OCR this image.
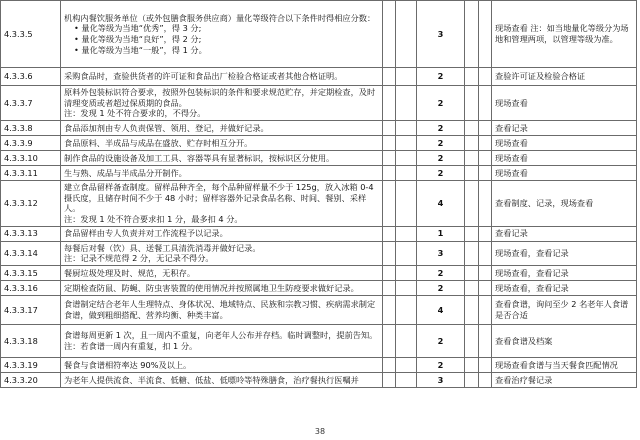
4.3.3.5	机构内餐饮服务单位（或外包膳食服务供应商）量化等级符合以下条件时得相应分数：

• 量化等级为当地“优秀”，得 3 分;

• 量化等级为当地“良好”，得 2 分;

• 量化等级为当地“一般”，得 1 分。			3			现场查看 注：如当地量化等级分为场地和管理两项，以管理等级为准。
4.3.3.6	采购食品时，查验供货者的许可证和食品出厂检验合格证或者其他合格证明。			2			查验许可证及检验合格证
4.3.3.7	原料外包装标识符合要求，按照外包装标识的条件和要求规范贮存，并定期检查，及时清理变质或者超过保质期的食品。

注：发现 1 处不符合要求的，不得分。			2			现场查看
4.3.3.8	食品添加剂由专人负责保管、领用、登记，并做好记录。			2			查看记录
4.3.3.9	食品原料、半成品与成品在盛放、贮存时相互分开。			2			现场查看
4.3.3.10	制作食品的设施设备及加工工具、容器等具有显著标识，按标识区分使用。			2			现场查看
4.3.3.11	生与熟、成品与半成品分开制作。			2			现场查看
4.3.3.12	建立食品留样备查制度。留样品种齐全，每个品种留样量不少于 125g，放入冰箱 0-4 摄氏度，且储存时间不少于 48 小时；留样容器外记录食品名称、时间、餐别、采样人。

注：发现 1 处不符合要求扣 1 分，最多扣 4 分。			4			查看制度、记录，现场查看
4.3.3.13	食品留样由专人负责并对工作流程予以记录。			1			查看记录
4.3.3.14	每餐后对餐（饮）具、送餐工具清洗消毒并做好记录。

注：记录不规范得 2 分，无记录不得分。			3			现场查看，查看记录
4.3.3.15	餐厨垃圾处理及时、规范，无积存。			2			现场查看，查看记录
4.3.3.16	定期检查防鼠、防蝇、防虫害装置的使用情况并按照属地卫生防疫要求做好记录。			2			现场查看，查看记录
4.3.3.17	食谱制定结合老年人生理特点、身体状况、地域特点、民族和宗教习惯、疾病需求制定食谱，做到粗细搭配、营养均衡、种类丰富。			4			查看食谱，询问至少 2 名老年人食谱是否合适
4.3.3.18	食谱每周更新 1 次，且一周内不重复，向老年人公布并存档。临时调整时，提前告知。

注：若食谱一周内有重复，扣 1 分。			2			查看食谱及档案
4.3.3.19	餐食与食谱相符率达 90%及以上。			2			现场查看食谱与当天餐食匹配情况
4.3.3.20	为老年人提供流食、半流食、低糖、低盐、低嘌呤等特殊膳食，治疗餐执行医嘱并			3			查看治疗餐记录
38
